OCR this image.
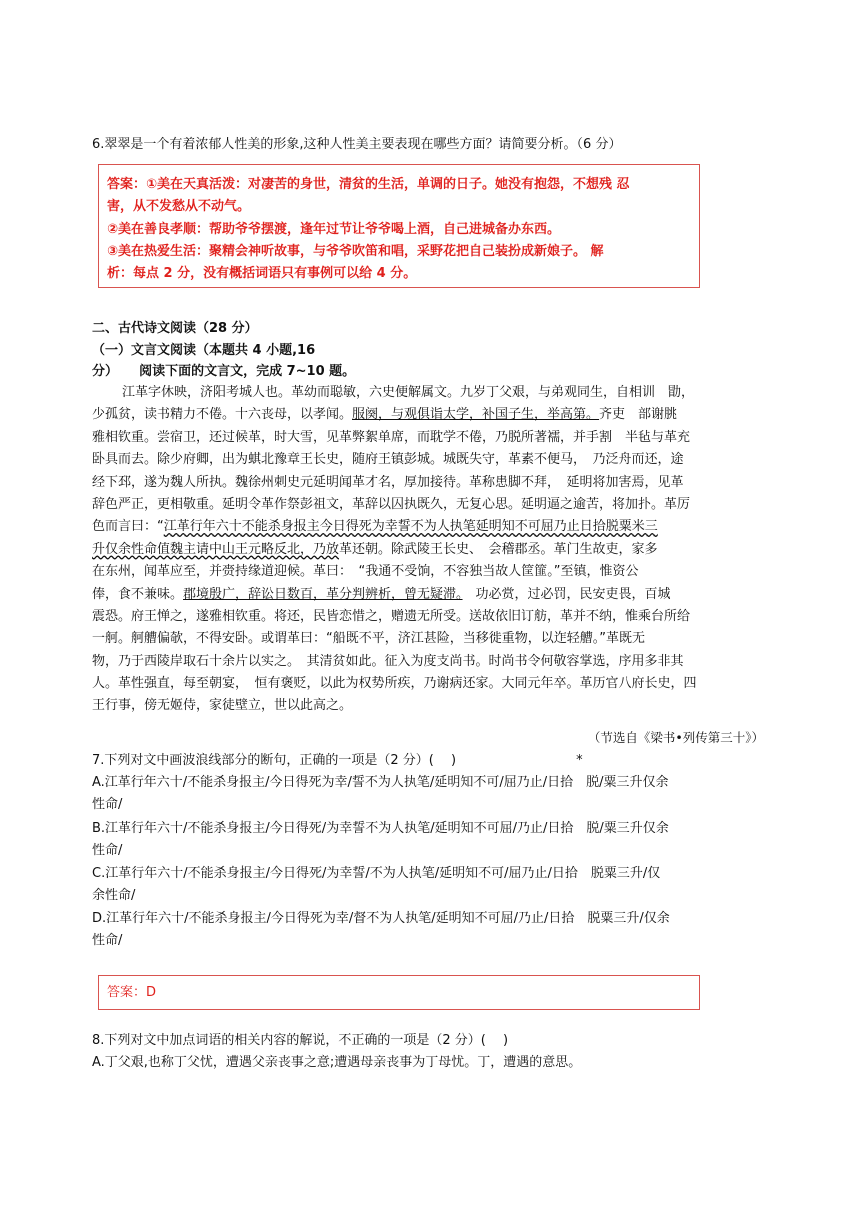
6.翠翠是一个有着浓郁人性美的形象,这种人性美主要表现在哪些方面？请简要分析。（6 分）
答案：①美在天真活泼：对凄苦的身世，清贫的生活，单调的日子。她没有抱怨，不想残 忍
害，从不发愁从不动气。
②美在善良孝顺：帮助爷爷摆渡，逢年过节让爷爷喝上酒，自己进城备办东西。
③美在热爱生活：聚精会神听故事，与爷爷吹笛和唱，采野花把自己装扮成新娘子。 解
析：每点 2 分，没有概括词语只有事例可以给 4 分。
二、古代诗文阅读（28 分）
（一）文言文阅读（本题共 4 小题,16
分） 阅读下面的文言文，完成 7~10 题。
江革字休映，济阳考城人也。革幼而聪敏，六史便解属文。九岁丁父艰，与弟观同生，自相训　勖，
少孤贫，读书精力不倦。十六丧母，以孝闻。服阕，与观俱诣太学，补国子生，举高第。齐吏　部谢朓
雅相钦重。尝宿卫，还过候革，时大雪，见革弊絮单席，而耽学不倦，乃脱所著襦，并手割　半毡与革充
卧具而去。除少府卿，出为蜞北豫章王长史，随府王镇彭城。城既失守，革素不便马，　乃泛舟而还，途
经下邳，遂为魏人所执。魏徐州刺史元延明闻革才名，厚加接待。革称患脚不拜，　延明将加害焉，见革
辞色严正，更相敬重。延明令革作祭彭祖文，革辞以囚执既久，无复心思。延明逼之逾苦，将加扑。革厉
色而言曰：“江革行年六十不能杀身报主今日得死为幸誓不为人执笔延明知不可屈乃止日拾脱粟米三
升仅余性命值魏主请中山王元略反北，乃放革还朝。除武陵王长史、　会稽郡丞。革门生故吏，家多
在东州，闻革应至，并赍持缘道迎候。革曰：　“我通不受饷，不容独当故人筐篚。”至镇，惟资公
俸，食不兼味。郡境殷广，辞讼日数百，革分判辨析，曾无疑滞。　功必赏，过必罚，民安吏畏，百城
震恐。府王惮之，遂雅相钦重。将还，民皆恋惜之，赠遗无所受。送故依旧订舫，革并不纳，惟乘台所给
一舸。舸艚偏欹，不得安卧。或谓革曰：“船既不平，济江甚险，当移徙重物，以迮轻艚。”革既无
物，乃于西陵岸取石十余片以实之。　其清贫如此。征入为度支尚书。时尚书令何敬容掌选，序用多非其
人。革性强直，每至朝宴，　恒有褒贬，以此为权势所疾，乃谢病还家。大同元年卒。革历官八府长史，四
王行事，傍无姬侍，家徒壁立，世以此高之。
（节选自《梁书•列传第三十》）
7.下列对文中画波浪线部分的断句，正确的一项是（2 分）(　 )	*
A.江革行年六十/不能杀身报主/今日得死为幸/誓不为人执笔/延明知不可/屈乃止/日拾　脱/粟三升仅余
性命/
B.江革行年六十/不能杀身报主/今日得死/为幸誓不为人执笔/延明知不可屈/乃止/日拾　脱/粟三升仅余
性命/
C.江革行年六十/不能杀身报主/今日得死/为幸誓/不为人执笔/延明知不可/屈乃止/日拾　脱粟三升/仅
余性命/
D.江革行年六十/不能杀身报主/今日得死为幸/督不为人执笔/延明知不可屈/乃止/日拾　脱粟三升/仅余
性命/
答案：D
8.下列对文中加点词语的相关内容的解说，不正确的一项是（2 分）(　 )
A.丁父艰,也称丁父忧，遭遇父亲丧事之意;遭遇母亲丧事为丁母忧。丁，遭遇的意思。
